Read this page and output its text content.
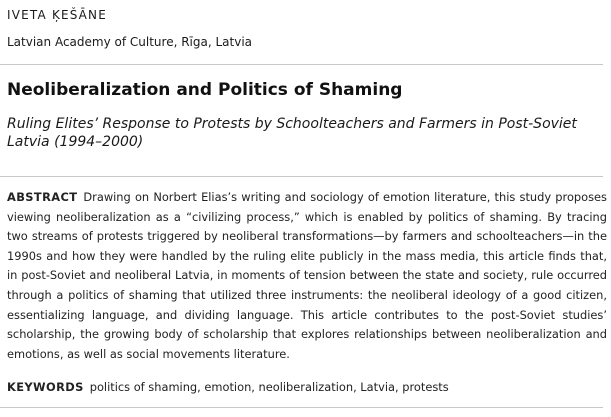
IVETA ĶEŠĀNE
Latvian Academy of Culture, Rīga, Latvia
Neoliberalization and Politics of Shaming
Ruling Elites’ Response to Protests by Schoolteachers and Farmers in Post-Soviet Latvia (1994–2000)
ABSTRACT Drawing on Norbert Elias’s writing and sociology of emotion literature, this study proposes viewing neoliberalization as a “civilizing process,” which is enabled by politics of shaming. By tracing two streams of protests triggered by neoliberal transformations—by farmers and schoolteachers—in the 1990s and how they were handled by the ruling elite publicly in the mass media, this article finds that, in post-Soviet and neoliberal Latvia, in moments of tension between the state and society, rule occurred through a politics of shaming that utilized three instruments: the neoliberal ideology of a good citizen, essentializing language, and dividing language. This article contributes to the post-Soviet studies’ scholarship, the growing body of scholarship that explores relationships between neoliberalization and emotions, as well as social movements literature.
KEYWORDS politics of shaming, emotion, neoliberalization, Latvia, protests
